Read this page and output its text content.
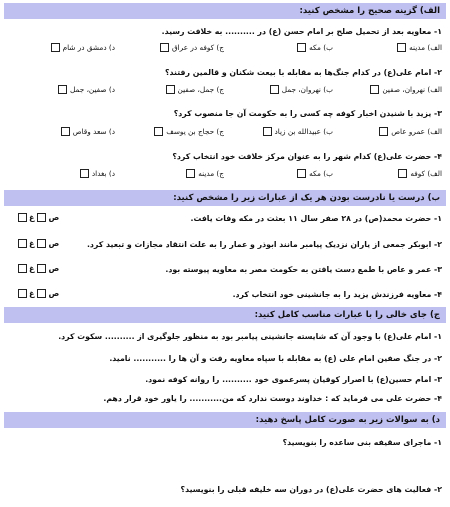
الف) گزینه صحیح را مشخص کنید:
۱- معاویه بعد از تحمیل صلح بر امام حسن (ع) در .......... به خلافت رسید.
الف) مدینه
ب) مکه
ج) کوفه در عراق
د) دمشق در شام
۲- امام علی(ع) در کدام جنگ‌ها به مقابله با بیعت شکنان و قالمین رفتند؟
الف) نهروان، صفین
ب) نهروان، جمل
ج) جمل، صفین
د) صفین، جمل
۳- یزید با شنیدن اخبار کوفه چه کسی را به حکومت آن جا منصوب کرد؟
الف) عمرو عاص
ب) عبیدالله بن زیاد
ج) حجاج بن یوسف
د) سعد وقاص
۴- حضرت علی(ع) کدام شهر را به عنوان مرکز خلافت خود انتخاب کرد؟
الف) کوفه
ب) مکه
ج) مدینه
د) بغداد
ب) درست یا نادرست بودن هر یک از عبارات زیر را مشخص کنید:
۱- حضرت محمد(ص) در ۲۸ صفر سال ۱۱ بعثت در مکه وفات یافت.
ص
غ
۲- ابوبکر جمعی از یاران نزدیک پیامبر مانند ابوذر و عمار را به علت انتقاد مجازات و تبعید کرد.
ص
غ
۳- عمر و عاص با طمع دست یافتن به حکومت مصر به معاویه پیوسته بود.
ص
غ
۴- معاویه فرزندش یزید را به جانشینی خود انتخاب کرد.
ص
غ
ج) جای خالی را با عبارات مناسب کامل کنید:
۱- امام علی(ع) با وجود آن که شایسته جانشینی پیامبر بود به منظور جلوگیری از .......... سکوت کرد.
۲- در جنگ صفین امام علی (ع) به مقابله با سپاه معاویه رفت و آن ها را ........... نامید.
۳- امام حسین(ع) با اصرار کوفیان پسرعموی خود .......... را روانه کوفه نمود.
۴- حضرت علی می فرماید که : خداوند دوست ندارد که من........... را یاور خود قرار دهم.
د) به سوالات زیر به صورت کامل پاسخ دهید:
۱- ماجرای سقیفه بنی ساعده را بنویسید؟
۲- فعالیت های حضرت علی(ع) در دوران سه خلیفه قبلی را بنویسید؟
